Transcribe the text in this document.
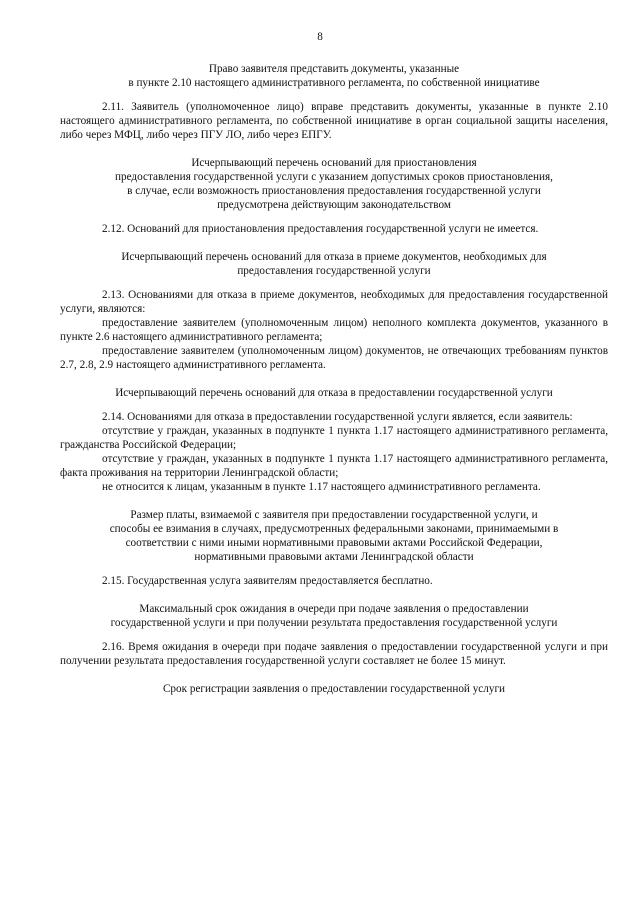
8
Право заявителя представить документы, указанные
в пункте 2.10 настоящего административного регламента, по собственной инициативе

2.11. Заявитель (уполномоченное лицо) вправе представить документы, указанные в пункте 2.10 настоящего административного регламента, по собственной инициативе в орган социальной защиты населения, либо через МФЦ, либо через ПГУ ЛО, либо через ЕПГУ.

Исчерпывающий перечень оснований для приостановления
предоставления государственной услуги с указанием допустимых сроков приостановления,
в случае, если возможность приостановления предоставления государственной услуги
предусмотрена действующим законодательством

2.12. Оснований для приостановления предоставления государственной услуги не имеется.

Исчерпывающий перечень оснований для отказа в приеме документов, необходимых для
предоставления государственной услуги

2.13. Основаниями для отказа в приеме документов, необходимых для предоставления государственной услуги, являются:

предоставление заявителем (уполномоченным лицом) неполного комплекта документов, указанного в пункте 2.6 настоящего административного регламента;

предоставление заявителем (уполномоченным лицом) документов, не отвечающих требованиям пунктов 2.7, 2.8, 2.9 настоящего административного регламента.

Исчерпывающий перечень оснований для отказа в предоставлении государственной услуги

2.14. Основаниями для отказа в предоставлении государственной услуги является, если заявитель:

отсутствие у граждан, указанных в подпункте 1 пункта 1.17 настоящего административного регламента, гражданства Российской Федерации;

отсутствие у граждан, указанных в подпункте 1 пункта 1.17 настоящего административного регламента, факта проживания на территории Ленинградской области;

не относится к лицам, указанным в пункте 1.17 настоящего административного регламента.

Размер платы, взимаемой с заявителя при предоставлении государственной услуги, и
способы ее взимания в случаях, предусмотренных федеральными законами, принимаемыми в
соответствии с ними иными нормативными правовыми актами Российской Федерации,
нормативными правовыми актами Ленинградской области

2.15. Государственная услуга заявителям предоставляется бесплатно.

Максимальный срок ожидания в очереди при подаче заявления о предоставлении
государственной услуги и при получении результата предоставления государственной услуги

2.16. Время ожидания в очереди при подаче заявления о предоставлении государственной услуги и при получении результата предоставления государственной услуги составляет не более 15 минут.

Срок регистрации заявления о предоставлении государственной услуги
